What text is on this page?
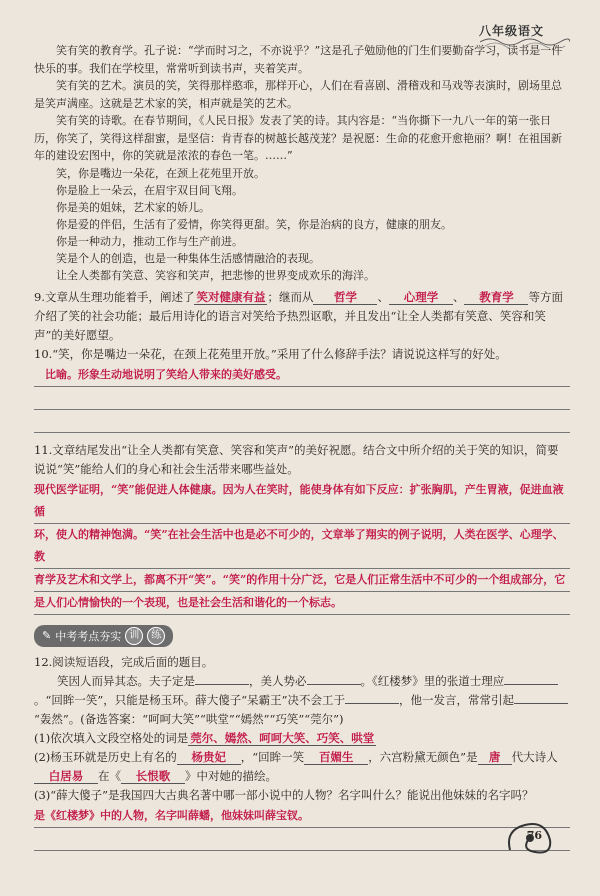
八年级语文

笑有笑的教育学。孔子说：“学而时习之，不亦说乎？”这是孔子勉励他的门生们要勤奋学习，读书是一件快乐的事。我们在学校里，常常听到读书声，夹着笑声。

笑有笑的艺术。演员的笑，笑得那样憨乖，那样开心，人们在看喜剧、滑稽戏和马戏等表演时，剧场里总是笑声满座。这就是艺术家的笑，相声就是笑的艺术。

笑有笑的诗歌。在春节期间，《人民日报》发表了笑的诗。其内容是：“当你撕下一九八一年的第一张日历，你笑了，笑得这样甜蜜，是坚信：肯青春的树越长越茂茏？是祝愿：生命的花愈开愈艳丽？啊！在祖国新年的建设宏图中，你的笑就是浓浓的春色一笔。……”

笑，你是嘴边一朵花，在颈上花苑里开放。

你是脸上一朵云，在眉宇双目间飞翔。

你是美的姐妹，艺术家的娇儿。

你是爱的伴侣，生活有了爱情，你笑得更甜。笑，你是治病的良方，健康的朋友。

你是一种动力，推动工作与生产前进。

笑是个人的创造，也是一种集体生活感情融洽的表现。

让全人类都有笑意、笑容和笑声，把悲惨的世界变成欢乐的海洋。

9.文章从生理功能着手，阐述了 笑对健康有益 ；继而从 哲学 、 心理学 、 教育学 等方面介绍了笑的社会功能；最后用诗化的语言对笑给予热烈讴歌，并且发出“让全人类都有笑意、笑容和笑声”的美好愿望。

10.“笑，你是嘴边一朵花，在颈上花苑里开放。”采用了什么修辞手法？请说说这样写的好处。

比喻。形象生动地说明了笑给人带来的美好感受。

11.文章结尾发出“让全人类都有笑意、笑容和笑声”的美好祝愿。结合文中所介绍的关于笑的知识，简要说说“笑”能给人们的身心和社会生活带来哪些益处。

现代医学证明，“笑”能促进人体健康。因为人在笑时，能使身体有如下反应：扩张胸肌，产生胃液，促进血液循

环，使人的精神饱满。“笑”在社会生活中也是必不可少的，文章举了翔实的例子说明，人类在医学、心理学、教

育学及艺术和文学上，都离不开“笑”。“笑”的作用十分广泛，它是人们正常生活中不可少的一个组成部分，它

是人们心情愉快的一个表现，也是社会生活和谐化的一个标志。

✎ 中考考点夯实 训	练

12.阅读短语段，完成后面的题目。

笑因人而异其态。夫子定是	，美人势必	。《红楼梦》里的张道士理应。“回眸一笑”，只能是杨玉环。薛大傻子“呆霸王”决不会工于	，他一发言，常常引起“轰然”。(备选答案：“呵呵大笑”“哄堂”“嫣然”“巧笑”“莞尔”)

(1)依次填入文段空格处的词是 莞尔、嫣然、呵呵大笑、巧笑、哄堂

(2)杨玉环就是历史上有名的 杨贵妃 ，“回眸一笑 百媚生 ，六宫粉黛无颜色”是 唐 代大诗人白居易 在《 长恨歌 》中对她的描绘。

(3)“薛大傻子”是我国四大古典名著中哪一部小说中的人物？名字叫什么？能说出他妹妹的名字吗？

是《红楼梦》中的人物，名字叫薛蟠，他妹妹叫薛宝钗。

76
